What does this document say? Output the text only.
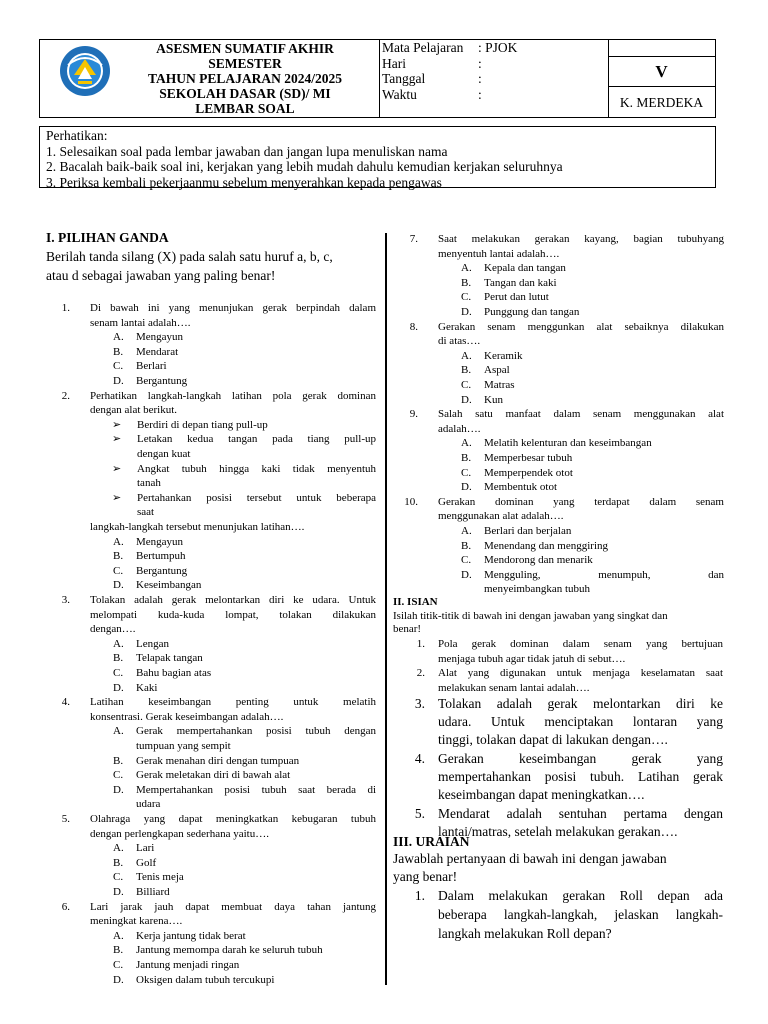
ASESMEN SUMATIF AKHIR
SEMESTER
TAHUN PELAJARAN 2024/2025
SEKOLAH DASAR (SD)/ MI
LEMBAR SOAL
Mata Pelajaran	: PJOK
Hari	:
Tanggal	:
Waktu	:
V
K. MERDEKA
Perhatikan:
1. Selesaikan soal pada lembar jawaban dan jangan lupa menuliskan nama
2. Bacalah baik-baik soal ini, kerjakan yang lebih mudah dahulu kemudian kerjakan seluruhnya
3. Periksa kembali pekerjaanmu sebelum menyerahkan kepada pengawas
I. PILIHAN GANDA
Berilah tanda silang (X) pada salah satu huruf a, b, c,
atau d sebagai jawaban yang paling benar!
1. Di bawah ini yang menunjukan gerak berpindah dalam
senam lantai adalah….
A.	Mengayun
B.	Mendarat
C.	Berlari
D.	Bergantung
2. Perhatikan langkah-langkah latihan pola gerak dominan
dengan alat berikut.
➢ Berdiri di depan tiang pull-up
➢ Letakan kedua tangan pada tiang pull-up
dengan kuat
➢ Angkat tubuh hingga kaki tidak menyentuh
tanah
➢ Pertahankan posisi tersebut untuk beberapa
saat
langkah-langkah tersebut menunjukan latihan….
A.	Mengayun
B.	Bertumpuh
C.	Bergantung
D.	Keseimbangan
3. Tolakan adalah gerak melontarkan diri ke udara. Untuk
melompati kuda-kuda lompat, tolakan dilakukan
dengan….
A.	Lengan
B.	Telapak tangan
C.	Bahu bagian atas
D.	Kaki
4. Latihan keseimbangan penting untuk melatih
konsentrasi. Gerak keseimbangan adalah….
A.	Gerak mempertahankan posisi tubuh dengan
tumpuan yang sempit
B.	Gerak menahan diri dengan tumpuan
C.	Gerak meletakan diri di bawah alat
D.	Mempertahankan posisi tubuh saat berada di
udara
5. Olahraga yang dapat meningkatkan kebugaran tubuh
dengan perlengkapan sederhana yaitu….
A.	Lari
B.	Golf
C.	Tenis meja
D.	Billiard
6. Lari jarak jauh dapat membuat daya tahan jantung
meningkat karena….
A.	Kerja jantung tidak berat
B.	Jantung memompa darah ke seluruh tubuh
C.	Jantung menjadi ringan
D.	Oksigen dalam tubuh tercukupi
7. Saat melakukan gerakan kayang, bagian tubuhyang
menyentuh lantai adalah….
A.	Kepala dan tangan
B.	Tangan dan kaki
C.	Perut dan lutut
D.	Punggung dan tangan
8. Gerakan senam menggunkan alat sebaiknya dilakukan
di atas….
A.	Keramik
B.	Aspal
C.	Matras
D.	Kun
9. Salah satu manfaat dalam senam menggunakan alat
adalah….
A.	Melatih kelenturan dan keseimbangan
B.	Memperbesar tubuh
C.	Memperpendek otot
D.	Membentuk otot
10. Gerakan dominan yang terdapat dalam senam
menggunakan alat adalah….
A.	Berlari dan berjalan
B.	Menendang dan menggiring
C.	Mendorong dan menarik
D.	Mengguling, menumpuh, dan
menyeimbangkan tubuh
II. ISIAN
Isilah titik-titik di bawah ini dengan jawaban yang singkat dan
benar!
1. Pola gerak dominan dalam senam yang bertujuan
menjaga tubuh agar tidak jatuh di sebut….
2. Alat yang digunakan untuk menjaga keselamatan saat
melakukan senam lantai adalah….
3. Tolakan adalah gerak melontarkan diri ke
udara. Untuk menciptakan lontaran yang
tinggi, tolakan dapat di lakukan dengan….
4. Gerakan keseimbangan gerak yang
mempertahankan posisi tubuh. Latihan gerak
keseimbangan dapat meningkatkan….
5. Mendarat adalah sentuhan pertama dengan
lantai/matras, setelah melakukan gerakan….
III. URAIAN
Jawablah pertanyaan di bawah ini dengan jawaban
yang benar!
1. Dalam melakukan gerakan Roll depan ada
beberapa langkah-langkah, jelaskan langkah-
langkah melakukan Roll depan?
